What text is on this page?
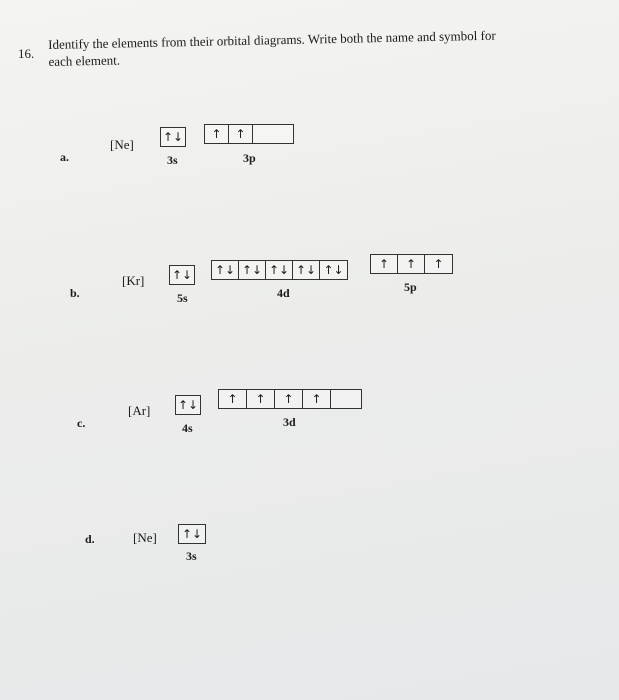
16.
Identify the elements from their orbital diagrams. Write both the name and symbol for each element.
a.
[Ne] ↑↓
3s
↑	↑
3p
b.
[Kr] ↑↓
5s
↑↓ ↑↓ ↑↓ ↑↓ ↑↓
4d
↑	↑	↑
5p
c.
[Ar] ↑↓
4s
↑	↑	↑	↑
3d
d.	[Ne] ↑↓
3s
